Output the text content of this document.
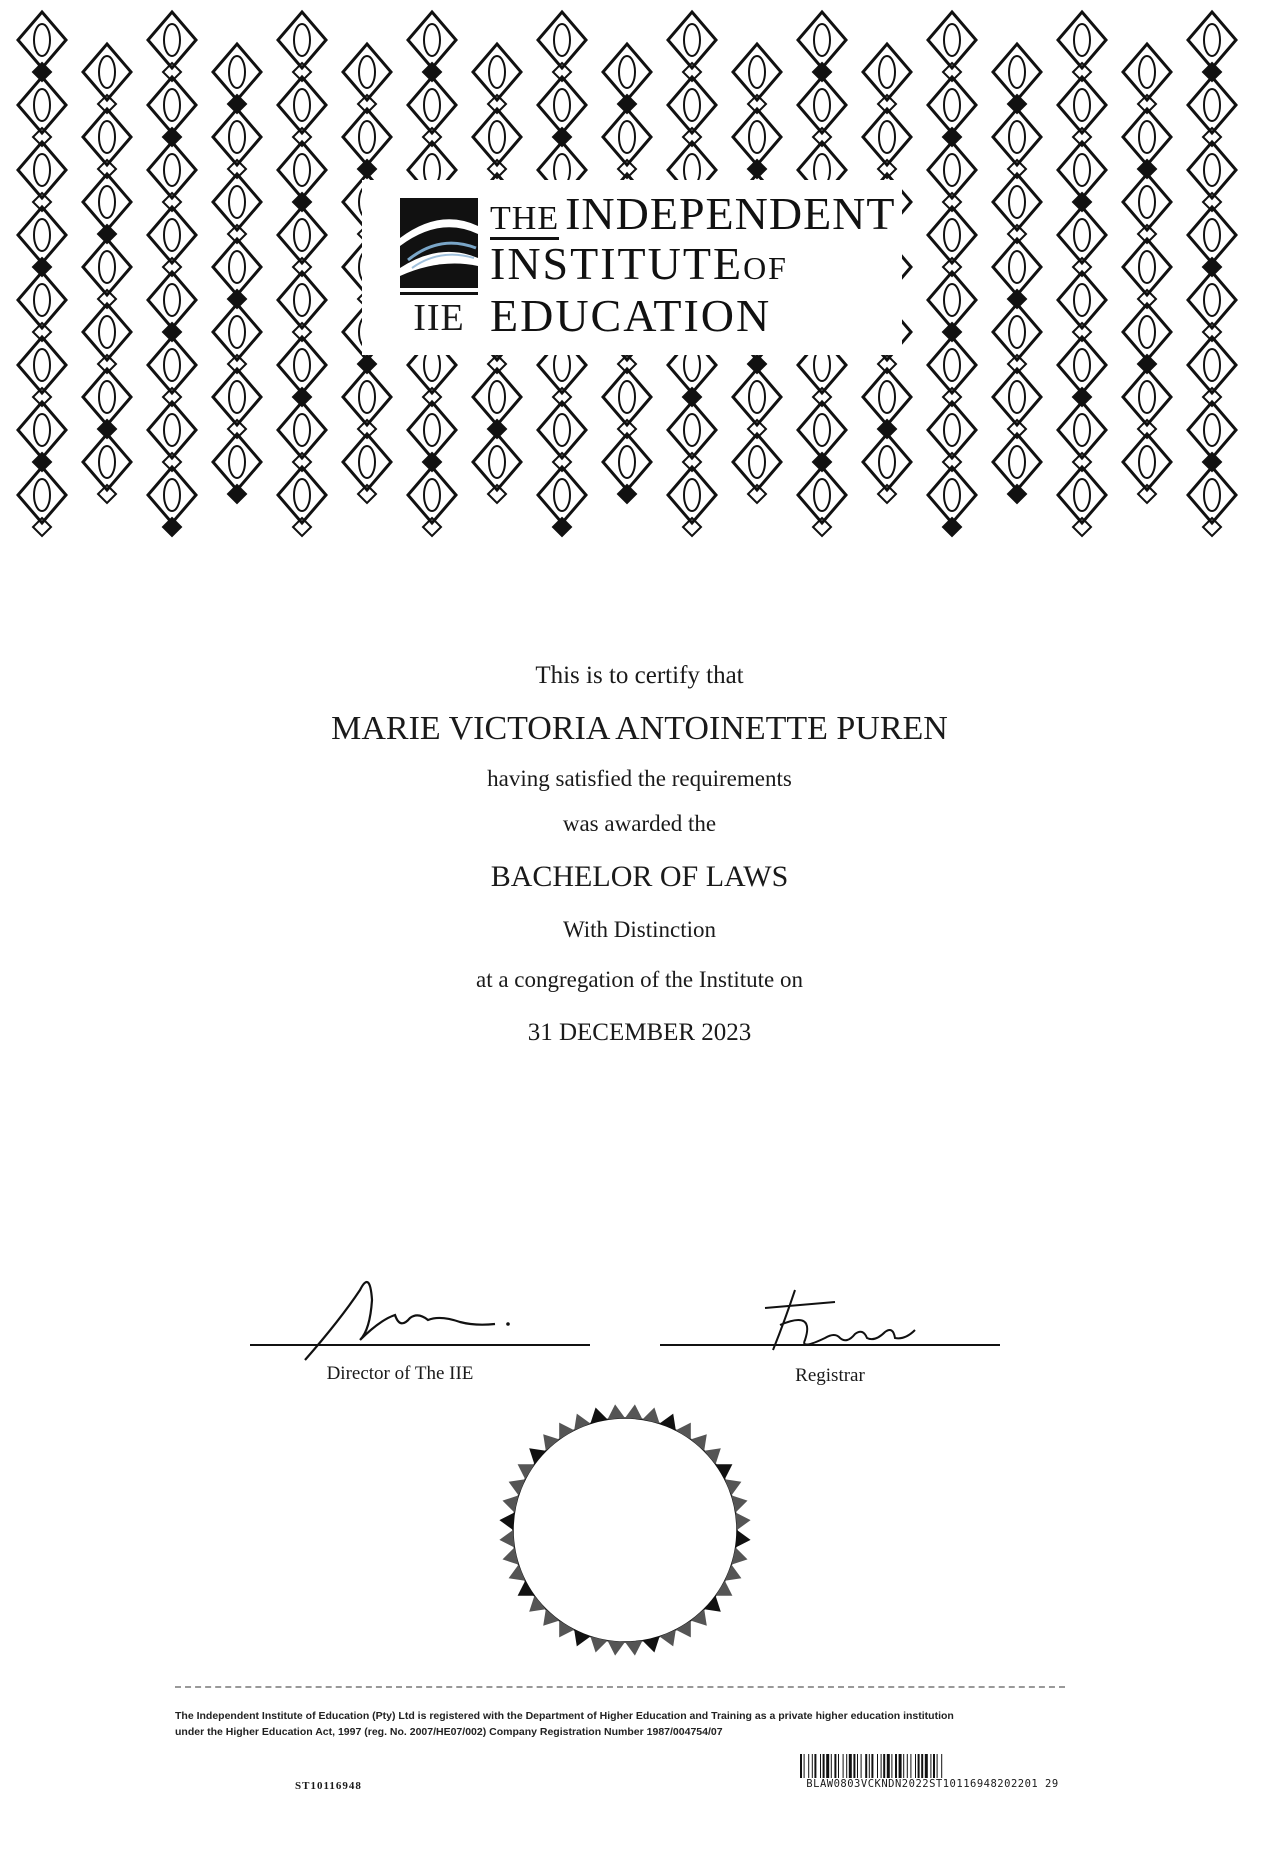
IIE
THE INDEPENDENT
INSTITUTEOF
EDUCATION
This is to certify that
MARIE VICTORIA ANTOINETTE PUREN
having satisfied the requirements
was awarded the
BACHELOR OF LAWS
With Distinction
at a congregation of the Institute on
31 DECEMBER 2023
Director of The IIE	Registrar
The Independent Institute of Education (Pty) Ltd is registered with the Department of Higher Education and Training as a private higher education institution
under the Higher Education Act, 1997 (reg. No. 2007/HE07/002) Company Registration Number 1987/004754/07
ST10116948	BLAW0803VCKNDN2022ST10116948202201 29
